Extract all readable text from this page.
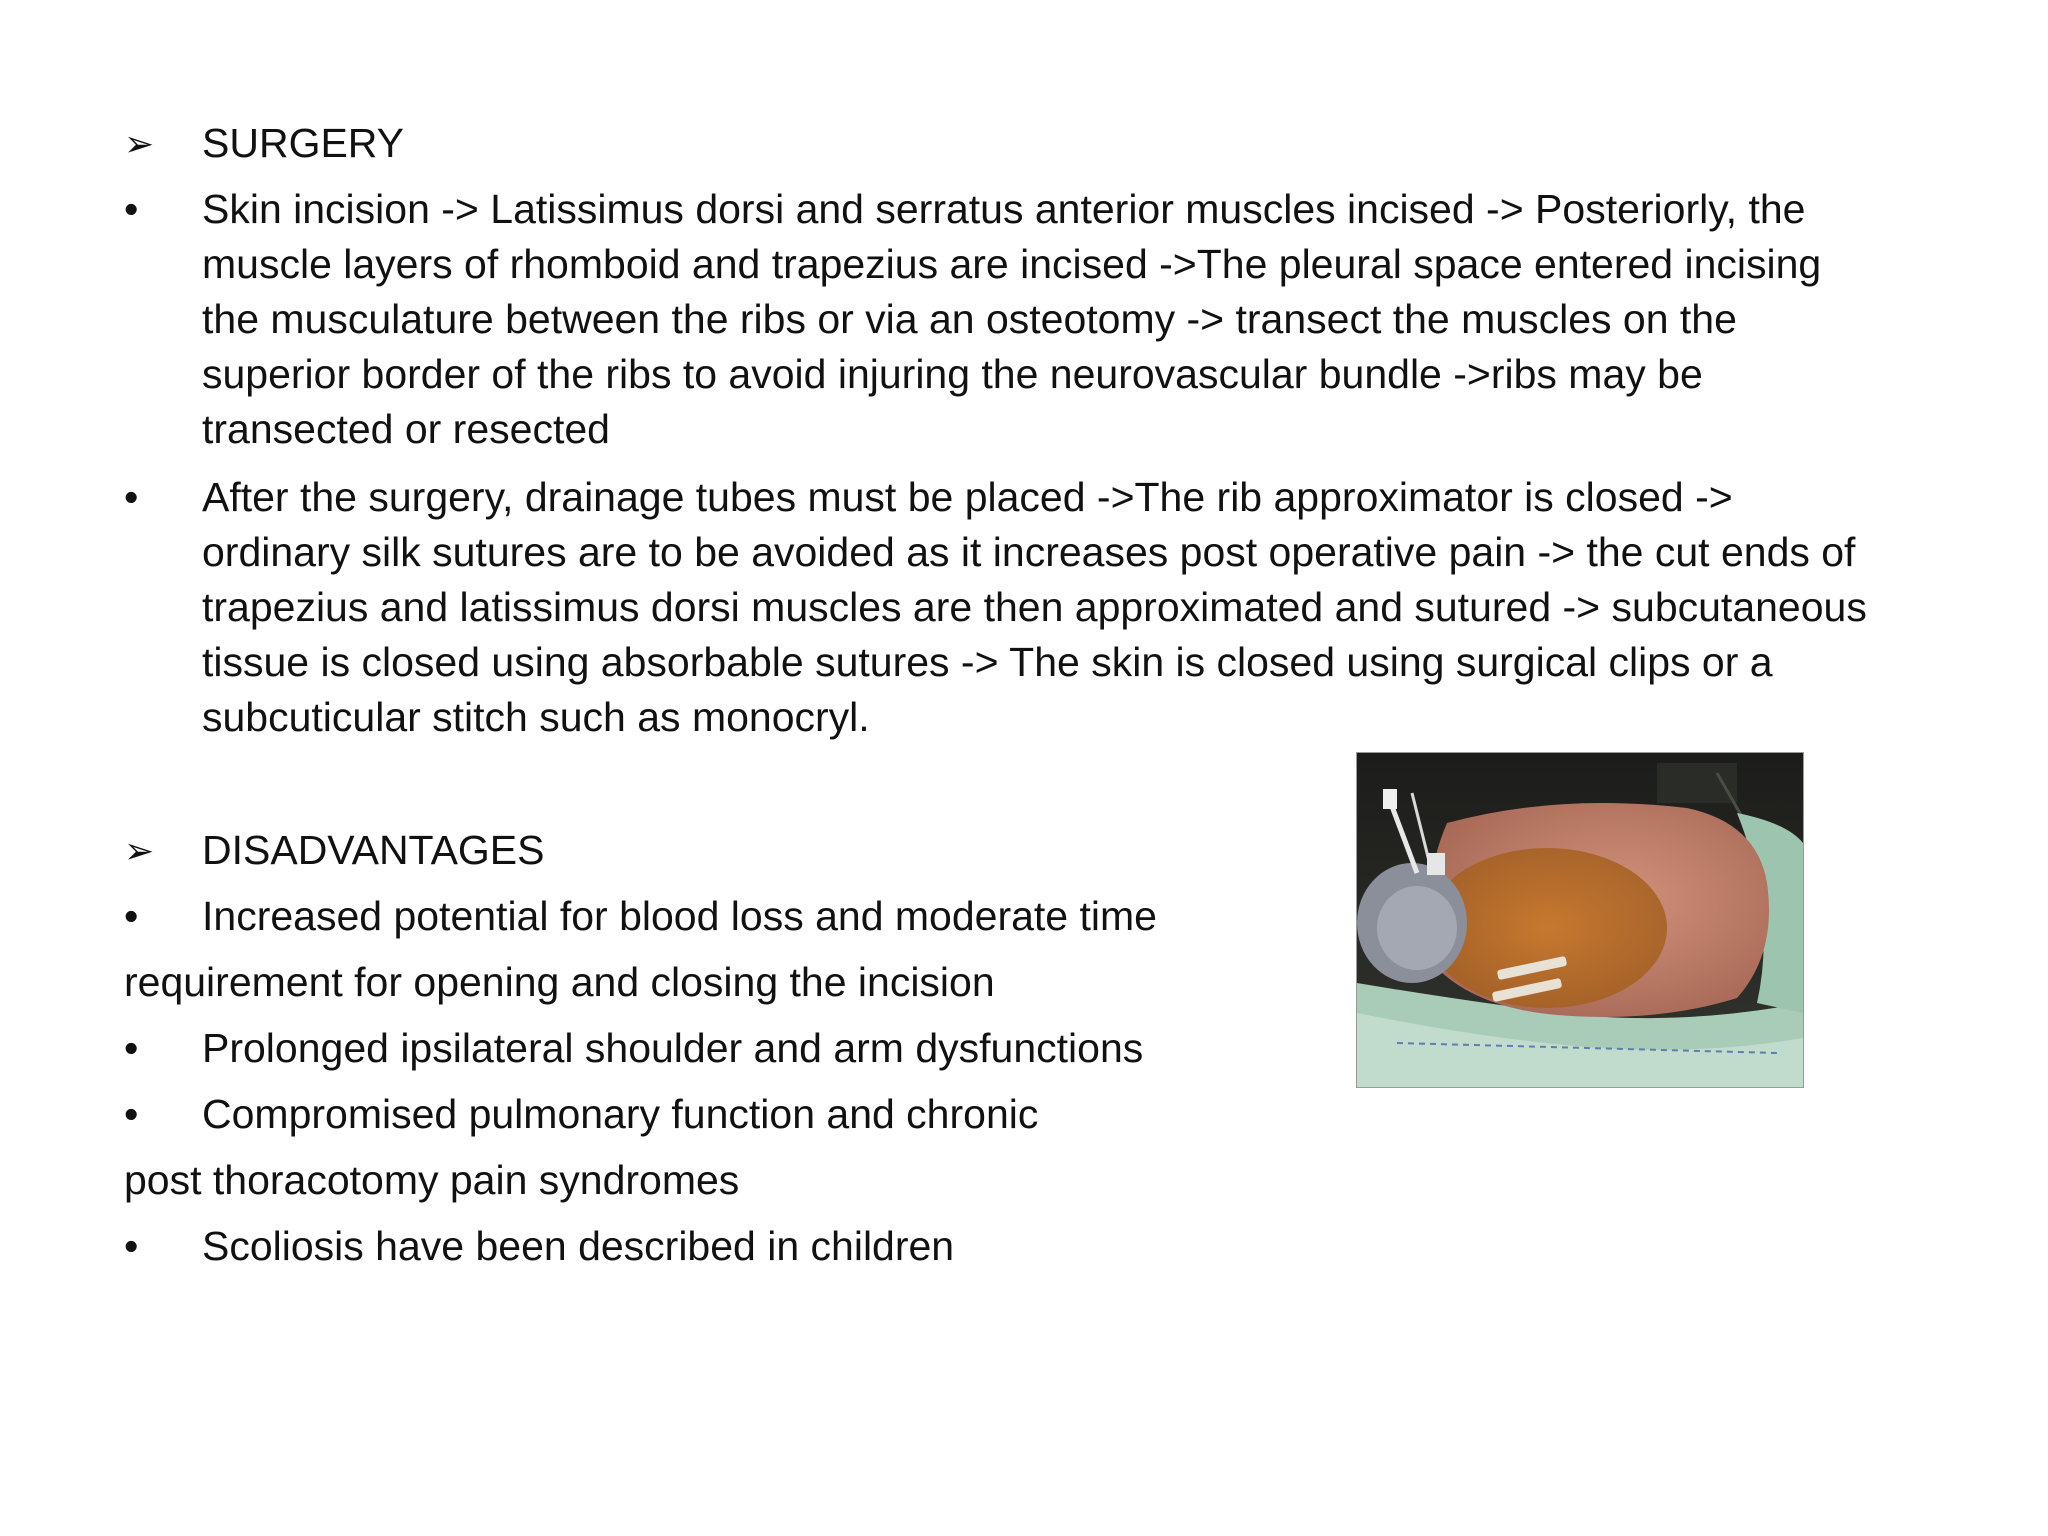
➢	SURGERY
•	Skin incision -> Latissimus dorsi and serratus anterior muscles incised -> Posteriorly, the
muscle layers of rhomboid and trapezius are incised ->The pleural space entered incising
the musculature between the ribs or via an osteotomy -> transect the muscles on the
superior border of the ribs to avoid injuring the neurovascular bundle ->ribs may be
transected or resected
•	After the surgery, drainage tubes must be placed ->The rib approximator is closed ->
ordinary silk sutures are to be avoided as it increases post operative pain -> the cut ends of
trapezius and latissimus dorsi muscles are then approximated and sutured -> subcutaneous
tissue is closed using absorbable sutures -> The skin is closed using surgical clips or a
subcuticular stitch such as monocryl.
➢	DISADVANTAGES
•	Increased potential for blood loss and moderate time
requirement for opening and closing the incision
•	Prolonged ipsilateral shoulder and arm dysfunctions
•	Compromised pulmonary function and chronic
post thoracotomy pain syndromes
•	Scoliosis have been described in children
